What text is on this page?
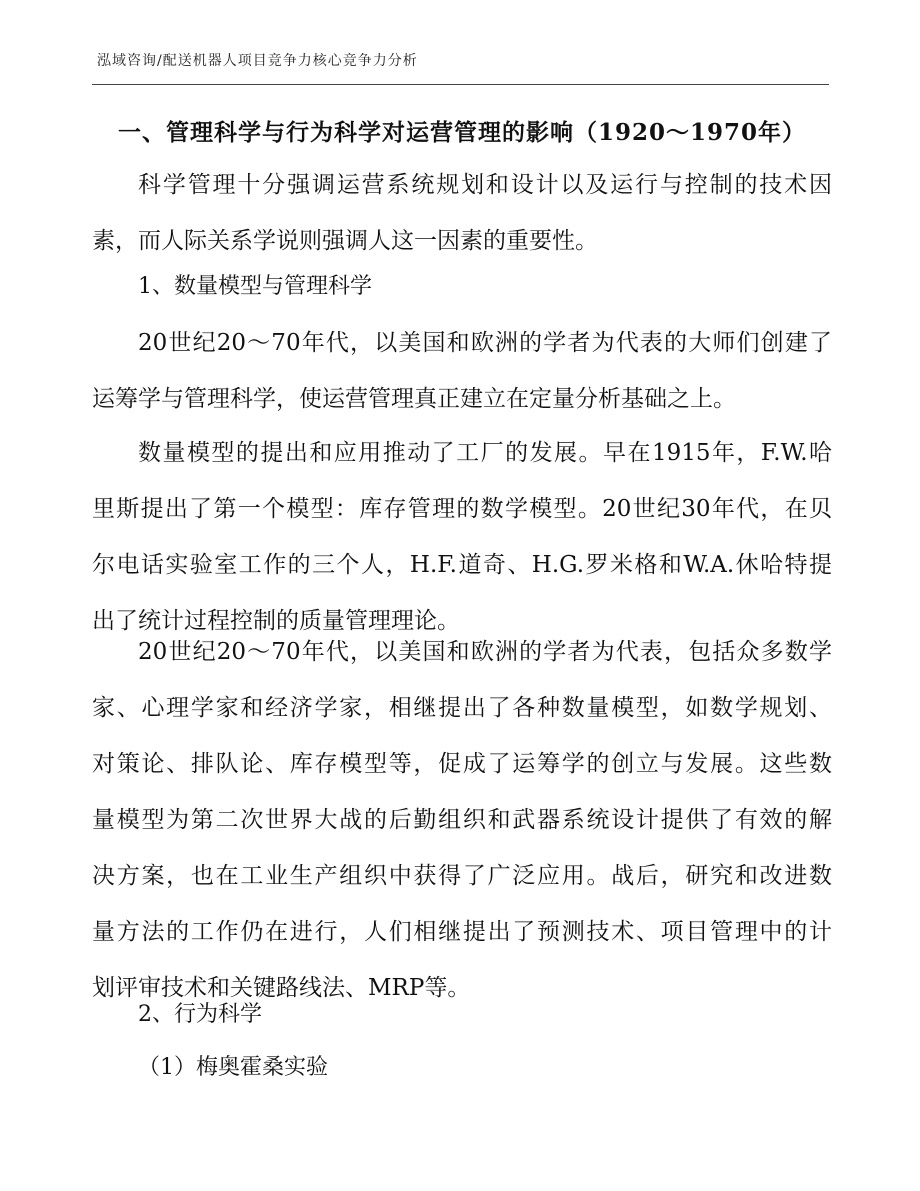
泓域咨询/配送机器人项目竞争力核心竞争力分析
一、管理科学与行为科学对运营管理的影响（1920～1970年）
科学管理十分强调运营系统规划和设计以及运行与控制的技术因
素，而人际关系学说则强调人这一因素的重要性。
1、数量模型与管理科学
20世纪20～70年代，以美国和欧洲的学者为代表的大师们创建了
运筹学与管理科学，使运营管理真正建立在定量分析基础之上。
数量模型的提出和应用推动了工厂的发展。早在1915年，F.W.哈
里斯提出了第一个模型：库存管理的数学模型。20世纪30年代，在贝
尔电话实验室工作的三个人，H.F.道奇、H.G.罗米格和W.A.休哈特提
出了统计过程控制的质量管理理论。
20世纪20～70年代，以美国和欧洲的学者为代表，包括众多数学
家、心理学家和经济学家，相继提出了各种数量模型，如数学规划、
对策论、排队论、库存模型等，促成了运筹学的创立与发展。这些数
量模型为第二次世界大战的后勤组织和武器系统设计提供了有效的解
决方案，也在工业生产组织中获得了广泛应用。战后，研究和改进数
量方法的工作仍在进行，人们相继提出了预测技术、项目管理中的计
划评审技术和关键路线法、MRP等。
2、行为科学
（1）梅奥霍桑实验
